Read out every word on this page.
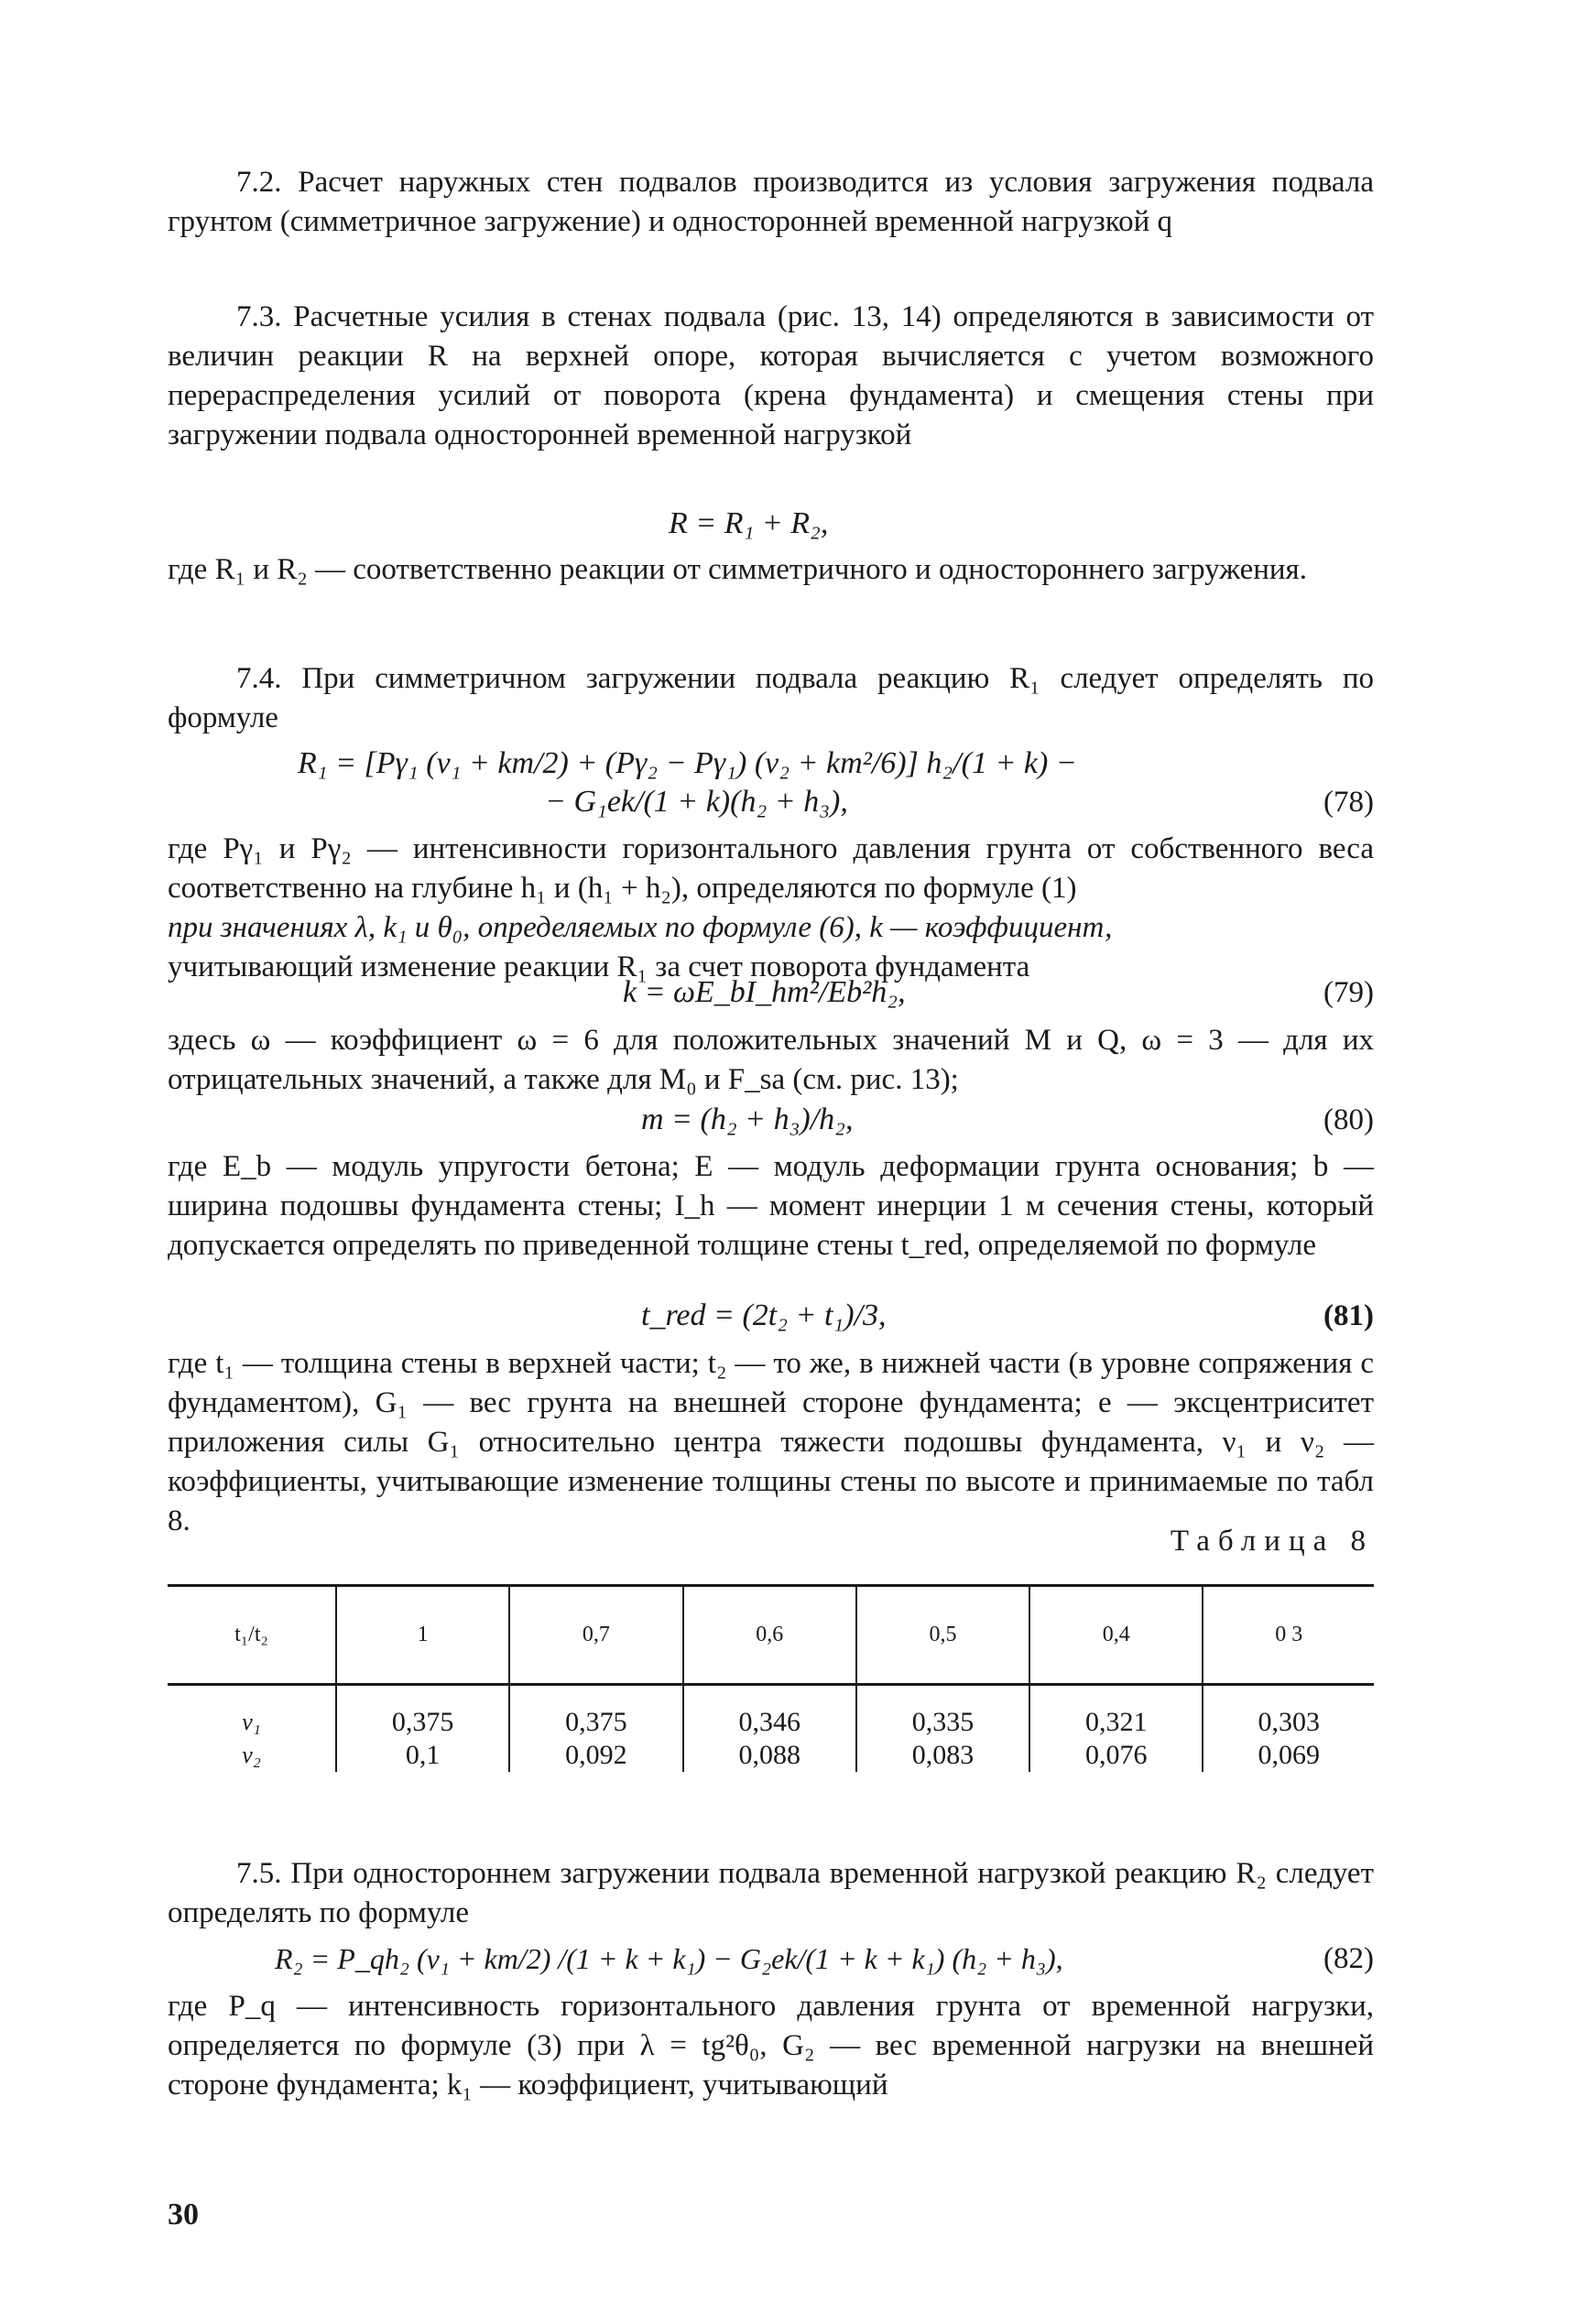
7.2. Расчет наружных стен подвалов производится из условия загружения подвала грунтом (симметричное загружение) и односторонней временной нагрузкой q

7.3. Расчетные усилия в стенах подвала (рис. 13, 14) определяются в зависимости от величин реакции R на верхней опоре, которая вычисляется с учетом возможного перераспределения усилий от поворота (крена фундамента) и смещения стены при загружении подвала односторонней временной нагрузкой

R = R₁ + R₂,

где R₁ и R₂ — соответственно реакции от симметричного и одностороннего загружения.

7.4. При симметричном загружении подвала реакцию R₁ следует определять по формуле

R₁ = [Pγ₁ (ν₁ + km/2) + (Pγ₂ − Pγ₁) (ν₂ + km²/6)] h₂/(1 + k) −
− G₁ek/(1 + k)(h₂ + h₃),	(78)

где Pγ₁ и Pγ₂ — интенсивности горизонтального давления грунта от собственного веса соответственно на глубине h₁ и (h₁ + h₂), определяются по формуле (1)

при значениях λ, k₁ и θ₀, определяемых по формуле (6), k — коэффициент,

учитывающий изменение реакции R₁ за счет поворота фундамента

k = ωE_bI_hm²/Eb²h₂,	(79)

здесь ω — коэффициент ω = 6 для положительных значений M и Q, ω = 3 — для их отрицательных значений, а также для M₀ и F_sa (см. рис. 13);

m = (h₂ + h₃)/h₂,	(80)

где E_b — модуль упругости бетона; E — модуль деформации грунта основания; b — ширина подошвы фундамента стены; I_h — момент инерции 1 м сечения стены, который допускается определять по приведенной толщине стены t_red, определяемой по формуле

t_red = (2t₂ + t₁)/3,	(81)

где t₁ — толщина стены в верхней части; t₂ — то же, в нижней части (в уровне сопряжения с фундаментом), G₁ — вес грунта на внешней стороне фундамента; e — эксцентриситет приложения силы G₁ относительно центра тяжести подошвы фундамента, ν₁ и ν₂ — коэффициенты, учитывающие изменение толщины стены по высоте и принимаемые по табл 8.

Таблица 8
t₁/t₂	1	0,7	0,6	0,5	0,4	0 3
ν₁	0,375	0,375	0,346	0,335	0,321	0,303
ν₂	0,1	0,092	0,088	0,083	0,076	0,069

7.5. При одностороннем загружении подвала временной нагрузкой реакцию R₂ следует определять по формуле

R₂ = P_qh₂ (ν₁ + km/2) /(1 + k + k₁) − G₂ek/(1 + k + k₁) (h₂ + h₃),	(82)

где P_q — интенсивность горизонтального давления грунта от временной нагрузки, определяется по формуле (3) при λ = tg²θ₀, G₂ — вес временной нагрузки на внешней стороне фундамента; k₁ — коэффициент, учитывающий

30
